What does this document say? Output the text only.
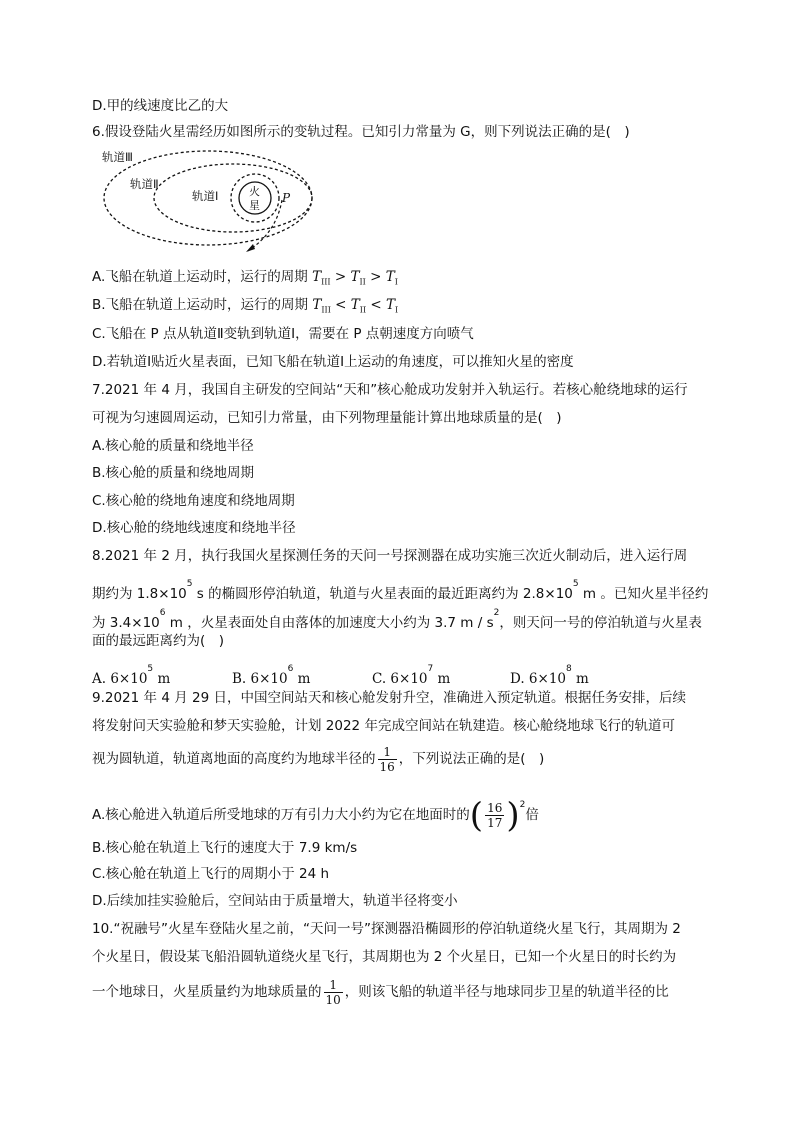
D.甲的线速度比乙的大
6.假设登陆火星需经历如图所示的变轨过程。已知引力常量为 G，则下列说法正确的是(　)
轨道Ⅲ
轨道Ⅱ
轨道Ⅰ	火
星
P
A.飞船在轨道上运动时，运行的周期 $T_{III} > T_{II} > T_I$
B.飞船在轨道上运动时，运行的周期 $T_{III} < T_{II} < T_I$
C.飞船在 P 点从轨道Ⅱ变轨到轨道Ⅰ，需要在 P 点朝速度方向喷气
D.若轨道Ⅰ贴近火星表面，已知飞船在轨道Ⅰ上运动的角速度，可以推知火星的密度
7.2021 年 4 月，我国自主研发的空间站“天和”核心舱成功发射并入轨运行。若核心舱绕地球的运行
可视为匀速圆周运动，已知引力常量，由下列物理量能计算出地球质量的是(　)
A.核心舱的质量和绕地半径
B.核心舱的质量和绕地周期
C.核心舱的绕地角速度和绕地周期
D.核心舱的绕地线速度和绕地半径
8.2021 年 2 月，执行我国火星探测任务的天问一号探测器在成功实施三次近火制动后，进入运行周
期约为 $1.8\times 10^5$ s 的椭圆形停泊轨道，轨道与火星表面的最近距离约为 $2.8\times 10^5$ m 。已知火星半径约
为 $3.4\times 10^6$ m ，火星表面处自由落体的加速度大小约为 3.7 m / $s^2$，则天问一号的停泊轨道与火星表
面的最远距离约为(　)
A. $6\times 10^5$ m	B. $6\times 10^6$ m	C. $6\times 10^7$ m	D. $6\times 10^8$ m
9.2021 年 4 月 29 日，中国空间站天和核心舱发射升空，准确进入预定轨道。根据任务安排，后续
将发射问天实验舱和梦天实验舱，计划 2022 年完成空间站在轨建造。核心舱绕地球飞行的轨道可
视为圆轨道，轨道离地面的高度约为地球半径的 $\frac{1}{16}$ ，下列说法正确的是(　)
A.核心舱进入轨道后所受地球的万有引力大小约为它在地面时的( $\frac{16}{17} )^2$倍
B.核心舱在轨道上飞行的速度大于 7.9 km/s
C.核心舱在轨道上飞行的周期小于 24 h
D.后续加挂实验舱后，空间站由于质量增大，轨道半径将变小
10.“祝融号”火星车登陆火星之前，“天问一号”探测器沿椭圆形的停泊轨道绕火星飞行，其周期为 2
个火星日，假设某飞船沿圆轨道绕火星飞行，其周期也为 2 个火星日，已知一个火星日的时长约为
一个地球日，火星质量约为地球质量的 $\frac{1}{10}$ ，则该飞船的轨道半径与地球同步卫星的轨道半径的比
